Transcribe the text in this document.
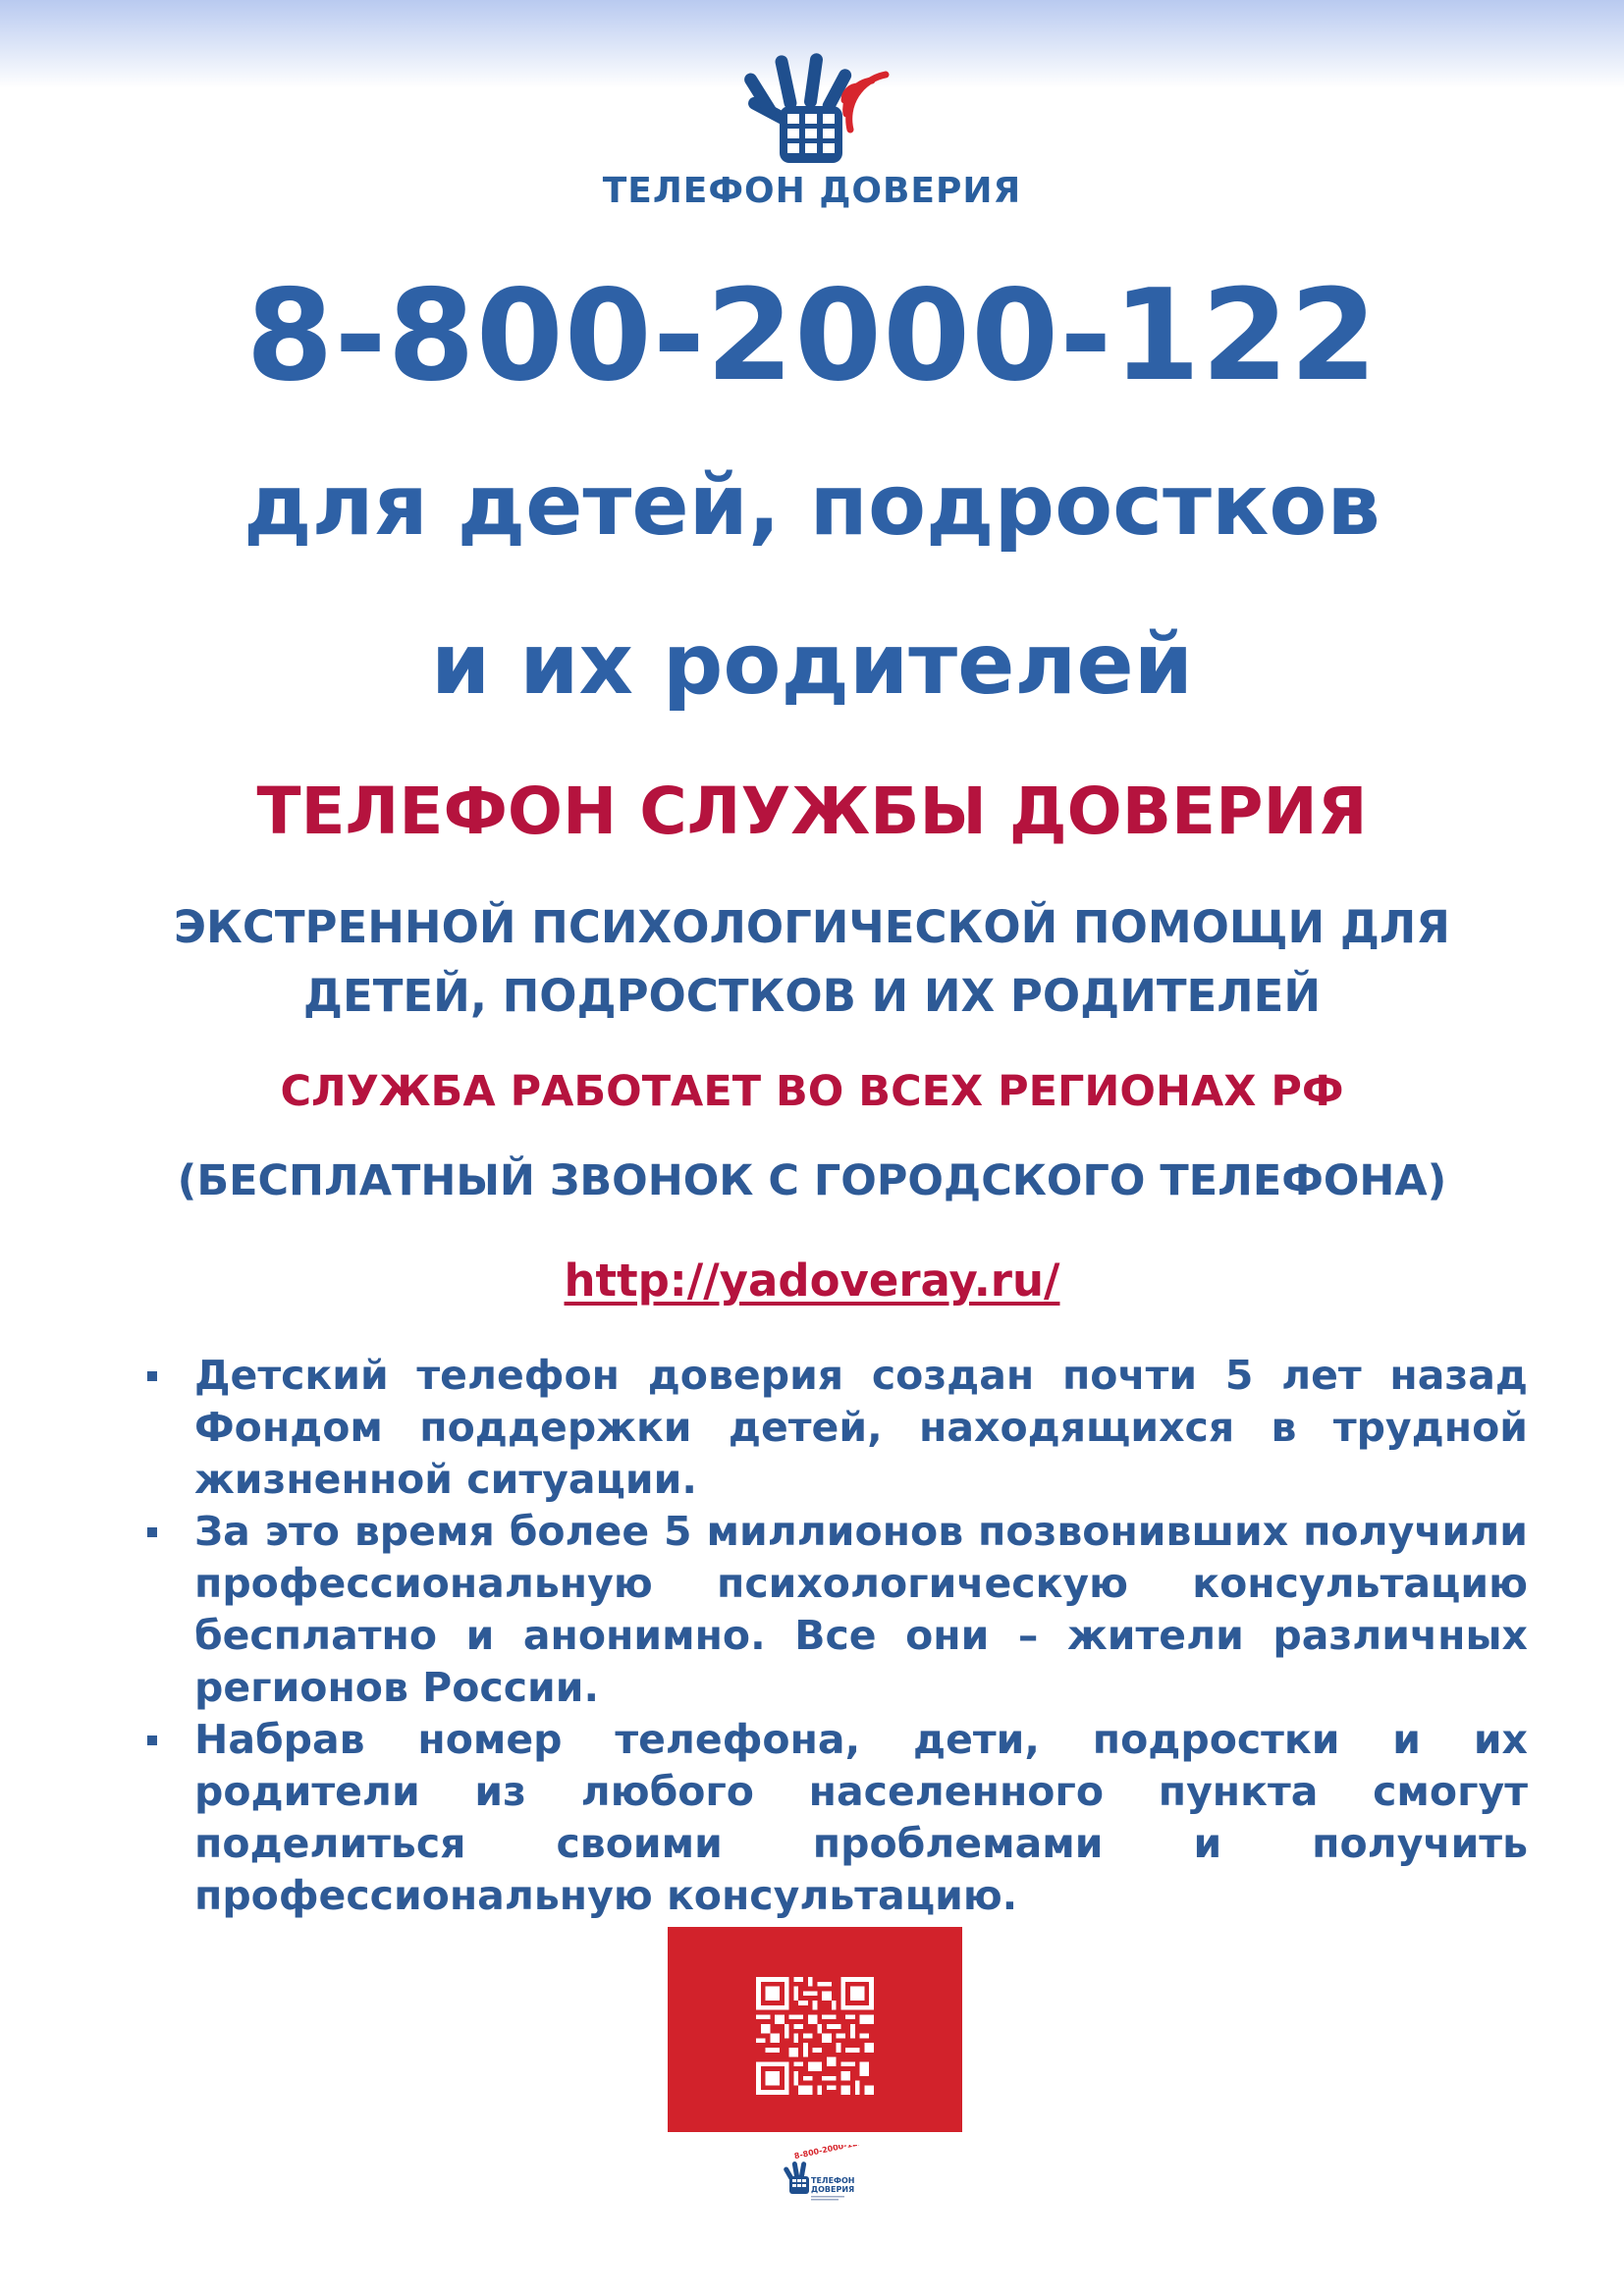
ТЕЛЕФОН ДОВЕРИЯ
8-800-2000-122
для детей, подростков
и их родителей
ТЕЛЕФОН СЛУЖБЫ ДОВЕРИЯ
ЭКСТРЕННОЙ ПСИХОЛОГИЧЕСКОЙ ПОМОЩИ ДЛЯ
ДЕТЕЙ, ПОДРОСТКОВ И ИХ РОДИТЕЛЕЙ
СЛУЖБА РАБОТАЕТ ВО ВСЕХ РЕГИОНАХ РФ
(БЕСПЛАТНЫЙ ЗВОНОК С ГОРОДСКОГО ТЕЛЕФОНА)
http://yadoveray.ru/
Детский телефон доверия создан почти 5 лет назад Фондом поддержки детей, находящихся в трудной жизненной ситуации.
За это время более 5 миллионов позвонивших получили профессиональную психологическую консультацию бесплатно и анонимно. Все они – жители различных регионов России.
Набрав номер телефона, дети, подростки и их родители из любого населенного пункта смогут поделиться своими проблемами и получить профессиональную консультацию.
8-800-2000-122
ТЕЛЕФОН
ДОВЕРИЯ
